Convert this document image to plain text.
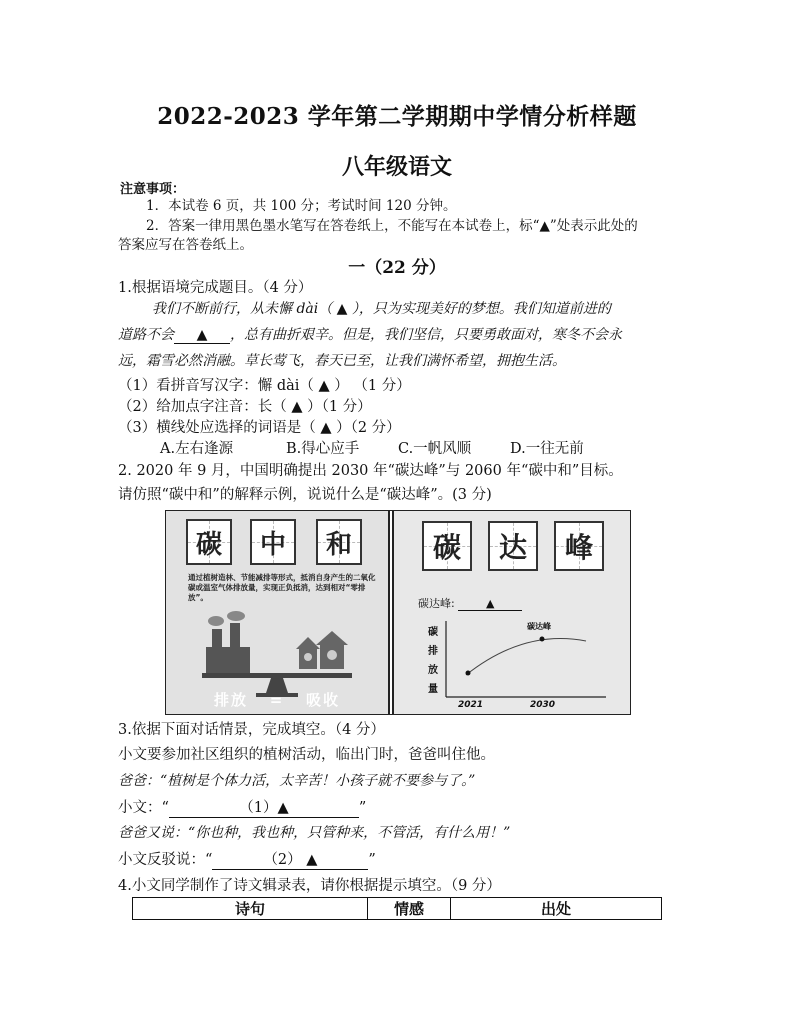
2022-2023 学年第二学期期中学情分析样题
八年级语文
注意事项：
1．本试卷 6 页，共 100 分；考试时间 120 分钟。
2．答案一律用黑色墨水笔写在答卷纸上，不能写在本试卷上，标“▲”处表示此处的
答案应写在答卷纸上。
一（22 分）
1.根据语境完成题目。（4 分）
我们不断前行，从未懈 dài（ ▲ ），只为实现美好的梦想。我们知道前进的
道路不会 ▲ ，总有曲折艰辛。但是，我们坚信，只要勇敢面对，寒冬不会永
远，霜雪必然消融。草长莺飞，春天已至，让我们满怀希望，拥抱生活。
（1）看拼音写汉字：懈 dài（ ▲ ） （1 分）
（2）给加点字注音：长（ ▲ ）（1 分）
（3）横线处应选择的词语是（ ▲ ）（2 分）
A.左右逢源	B.得心应手	C.一帆风顺	D.一往无前
2. 2020 年 9 月，中国明确提出 2030 年“碳达峰”与 2060 年“碳中和”目标。
请仿照“碳中和”的解释示例，说说什么是“碳达峰”。(3 分)
碳 中 和
通过植树造林、节能减排等形式，抵消自身产生的二氧化碳或温室气体排放量，实现正负抵消，达到相对“零排放”。
排放 = 吸收
碳 达 峰
碳达峰:	▲
碳达峰
碳
排
放
量
2021	2030
3.依据下面对话情景，完成填空。（4 分）
小文要参加社区组织的植树活动，临出门时，爸爸叫住他。
爸爸：“植树是个体力活，太辛苦！小孩子就不要参与了。”
小文：“	（1）▲	”
爸爸又说：“你也种，我也种，只管种来，不管活，有什么用！”
小文反驳说：“	（2） ▲	”
4.小文同学制作了诗文辑录表，请你根据提示填空。（9 分）
诗句	情感	出处
